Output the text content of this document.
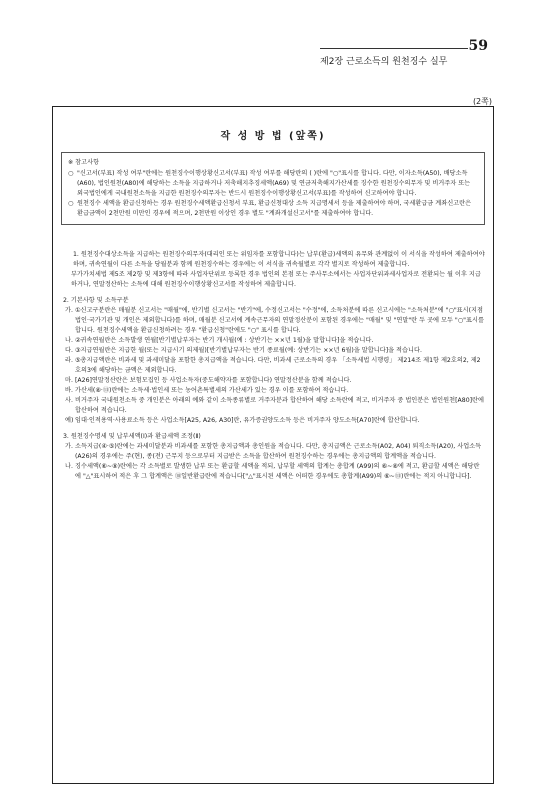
59
제2장 근로소득의 원천징수 실무
(2쪽)
작 성 방 법 (앞쪽)
※ 참고사항
○ "신고서(부표) 작성 여부"란에는 원천징수이행상황신고서(부표) 작성 여부를 해당란의 ( )란에 "○"표시를 합니다. 다만, 이자소득(A50), 배당소득(A60), 법인원천(A80)에 해당하는 소득을 지급하거나 저축해지추징세액(A69) 및 연금저축해지가산세를 징수한 원천징수의무자 및 비거주자 또는 외국법인에게 국내원천소득을 지급한 원천징수의무자는 반드시 원천징수이행상황신고서(부표)를 작성하여 신고하여야 합니다.
○ 원천징수 세액을 환급신청하는 경우 원천징수세액환급신청서 부표, 환급신청대상 소득 지급명세서 등을 제출하여야 하며, 국세환급금 계좌신고란은 환급금액이 2천만원 미만인 경우에 적으며, 2천만원 이상인 경우 별도 "계좌개설신고서"를 제출하여야 합니다.
1. 원천징수대상소득을 지급하는 원천징수의무자(대리인 또는 위임자를 포함합니다)는 납부(환급)세액의 유무와 관계없이 이 서식을 작성하여 제출하여야 하며, 귀속연월이 다른 소득을 당월분과 함께 원천징수하는 경우에는 이 서식을 귀속월별로 각각 별지로 작성하여 제출합니다.
부가가치세법 제5조 제2항 및 제3항에 따라 사업자단위로 등록한 경우 법인의 본점 또는 주사무소에서는 사업자단위과세사업자로 전환되는 월 이후 지급하거나, 연말정산하는 소득에 대해 원천징수이행상황신고서를 작성하여 제출합니다.
2. 기본사항 및 소득구분
가. ①신고구분란은 매월분 신고서는 "매월"에, 반기별 신고서는 "반기"에, 수정신고서는 "수정"에, 소득처분에 따른 신고시에는 "소득처분"에 "○"표시(지점법인·국가기관 및 개인은 제외합니다)를 하며, 매월분 신고서에 계속근무자의 연말정산분이 포함된 경우에는 "매월" 및 "연말"란 두 곳에 모두 "○"표시를 합니다. 원천징수세액을 환급신청하려는 경우 "환급신청"란에도 "○" 표시를 합니다.
나. ②귀속연월란은 소득발생 연월[반기별납부자는 반기 개시월(예 : 상반기는 ××년 1월)을 말합니다]을 적습니다.
다. ③지급연월란은 지급한 월(또는 지급시기 의제월)[반기별납부자는 반기 종료월(예: 상반기는 ××년 6월)을 말합니다]을 적습니다.
라. ⑤총지급액란은 비과세 및 과세미달을 포함한 총지급액을 적습니다. 다만, 비과세 근로소득의 경우 「소득세법 시행령」 제214조 제1항 제2호의2, 제2호의3에 해당하는 금액은 제외합니다.
마. [A26]연말정산란은 보험모집인 등 사업소득자(중도해약자를 포함합니다) 연말정산분을 함께 적습니다.
바. 가산세(⑧·⑬)란에는 소득세·법인세 또는 농어촌특별세의 가산세가 있는 경우 이를 포함하여 적습니다.
사. 비거주자 국내원천소득 중 개인분은 아래의 예와 같이 소득종류별로 거주자분과 합산하여 해당 소득란에 적고, 비거주자 중 법인분은 법인원천[A80]란에 합산하여 적습니다.
예) 임대·인적용역·사용료소득 등은 사업소득[A25, A26, A30]란, 유가증권양도소득 등은 비거주자 양도소득[A70]란에 합산합니다.
3. 원천징수명세 및 납부세액(Ⅰ)과 환급세액 조정(Ⅱ)
가. 소득지급(④·⑤)란에는 과세미달분과 비과세를 포함한 총지급액과 총인원을 적습니다. 다만, 총지급액은 근로소득(A02, A04) 퇴직소득(A20), 사업소득(A26)의 경우에는 주(현), 종(전) 근무지 등으로부터 지급받은 소득을 합산하여 원천징수하는 경우에는 총지급액의 합계액을 적습니다.
나. 징수세액(⑥~⑧)란에는 각 소득별로 발생한 납부 또는 환급할 세액을 적되, 납부할 세액의 합계는 총합계 (A99)의 ⑥~⑧에 적고, 환급할 세액은 해당란에 "△"표시하여 적은 후 그 합계액은 ⑱일반환급란에 적습니다["△"표시된 세액은 어떠한 경우에도 총합계(A99)의 ⑥~⑬)란에는 적지 아니합니다].
